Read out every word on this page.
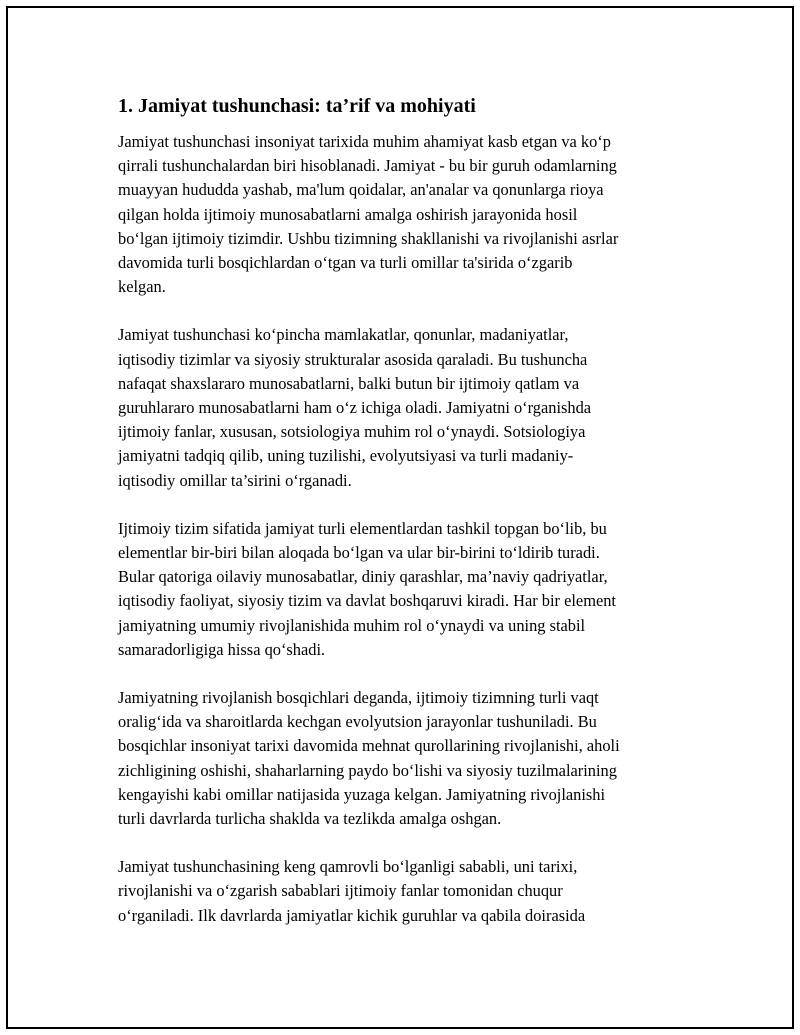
1. Jamiyat tushunchasi: ta’rif va mohiyati
Jamiyat tushunchasi insoniyat tarixida muhim ahamiyat kasb etgan va ko‘p
qirrali tushunchalardan biri hisoblanadi. Jamiyat - bu bir guruh odamlarning
muayyan hududda yashab, ma'lum qoidalar, an'analar va qonunlarga rioya
qilgan holda ijtimoiy munosabatlarni amalga oshirish jarayonida hosil
bo‘lgan ijtimoiy tizimdir. Ushbu tizimning shakllanishi va rivojlanishi asrlar
davomida turli bosqichlardan o‘tgan va turli omillar ta'sirida o‘zgarib
kelgan.
Jamiyat tushunchasi ko‘pincha mamlakatlar, qonunlar, madaniyatlar,
iqtisodiy tizimlar va siyosiy strukturalar asosida qaraladi. Bu tushuncha
nafaqat shaxslararo munosabatlarni, balki butun bir ijtimoiy qatlam va
guruhlararo munosabatlarni ham o‘z ichiga oladi. Jamiyatni o‘rganishda
ijtimoiy fanlar, xususan, sotsiologiya muhim rol o‘ynaydi. Sotsiologiya
jamiyatni tadqiq qilib, uning tuzilishi, evolyutsiyasi va turli madaniy-
iqtisodiy omillar ta’sirini o‘rganadi.
Ijtimoiy tizim sifatida jamiyat turli elementlardan tashkil topgan bo‘lib, bu
elementlar bir-biri bilan aloqada bo‘lgan va ular bir-birini to‘ldirib turadi.
Bular qatoriga oilaviy munosabatlar, diniy qarashlar, ma’naviy qadriyatlar,
iqtisodiy faoliyat, siyosiy tizim va davlat boshqaruvi kiradi. Har bir element
jamiyatning umumiy rivojlanishida muhim rol o‘ynaydi va uning stabil
samaradorligiga hissa qo‘shadi.
Jamiyatning rivojlanish bosqichlari deganda, ijtimoiy tizimning turli vaqt
oralig‘ida va sharoitlarda kechgan evolyutsion jarayonlar tushuniladi. Bu
bosqichlar insoniyat tarixi davomida mehnat qurollarining rivojlanishi, aholi
zichligining oshishi, shaharlarning paydo bo‘lishi va siyosiy tuzilmalarining
kengayishi kabi omillar natijasida yuzaga kelgan. Jamiyatning rivojlanishi
turli davrlarda turlicha shaklda va tezlikda amalga oshgan.
Jamiyat tushunchasining keng qamrovli bo‘lganligi sababli, uni tarixi,
rivojlanishi va o‘zgarish sabablari ijtimoiy fanlar tomonidan chuqur
o‘rganiladi. Ilk davrlarda jamiyatlar kichik guruhlar va qabila doirasida
